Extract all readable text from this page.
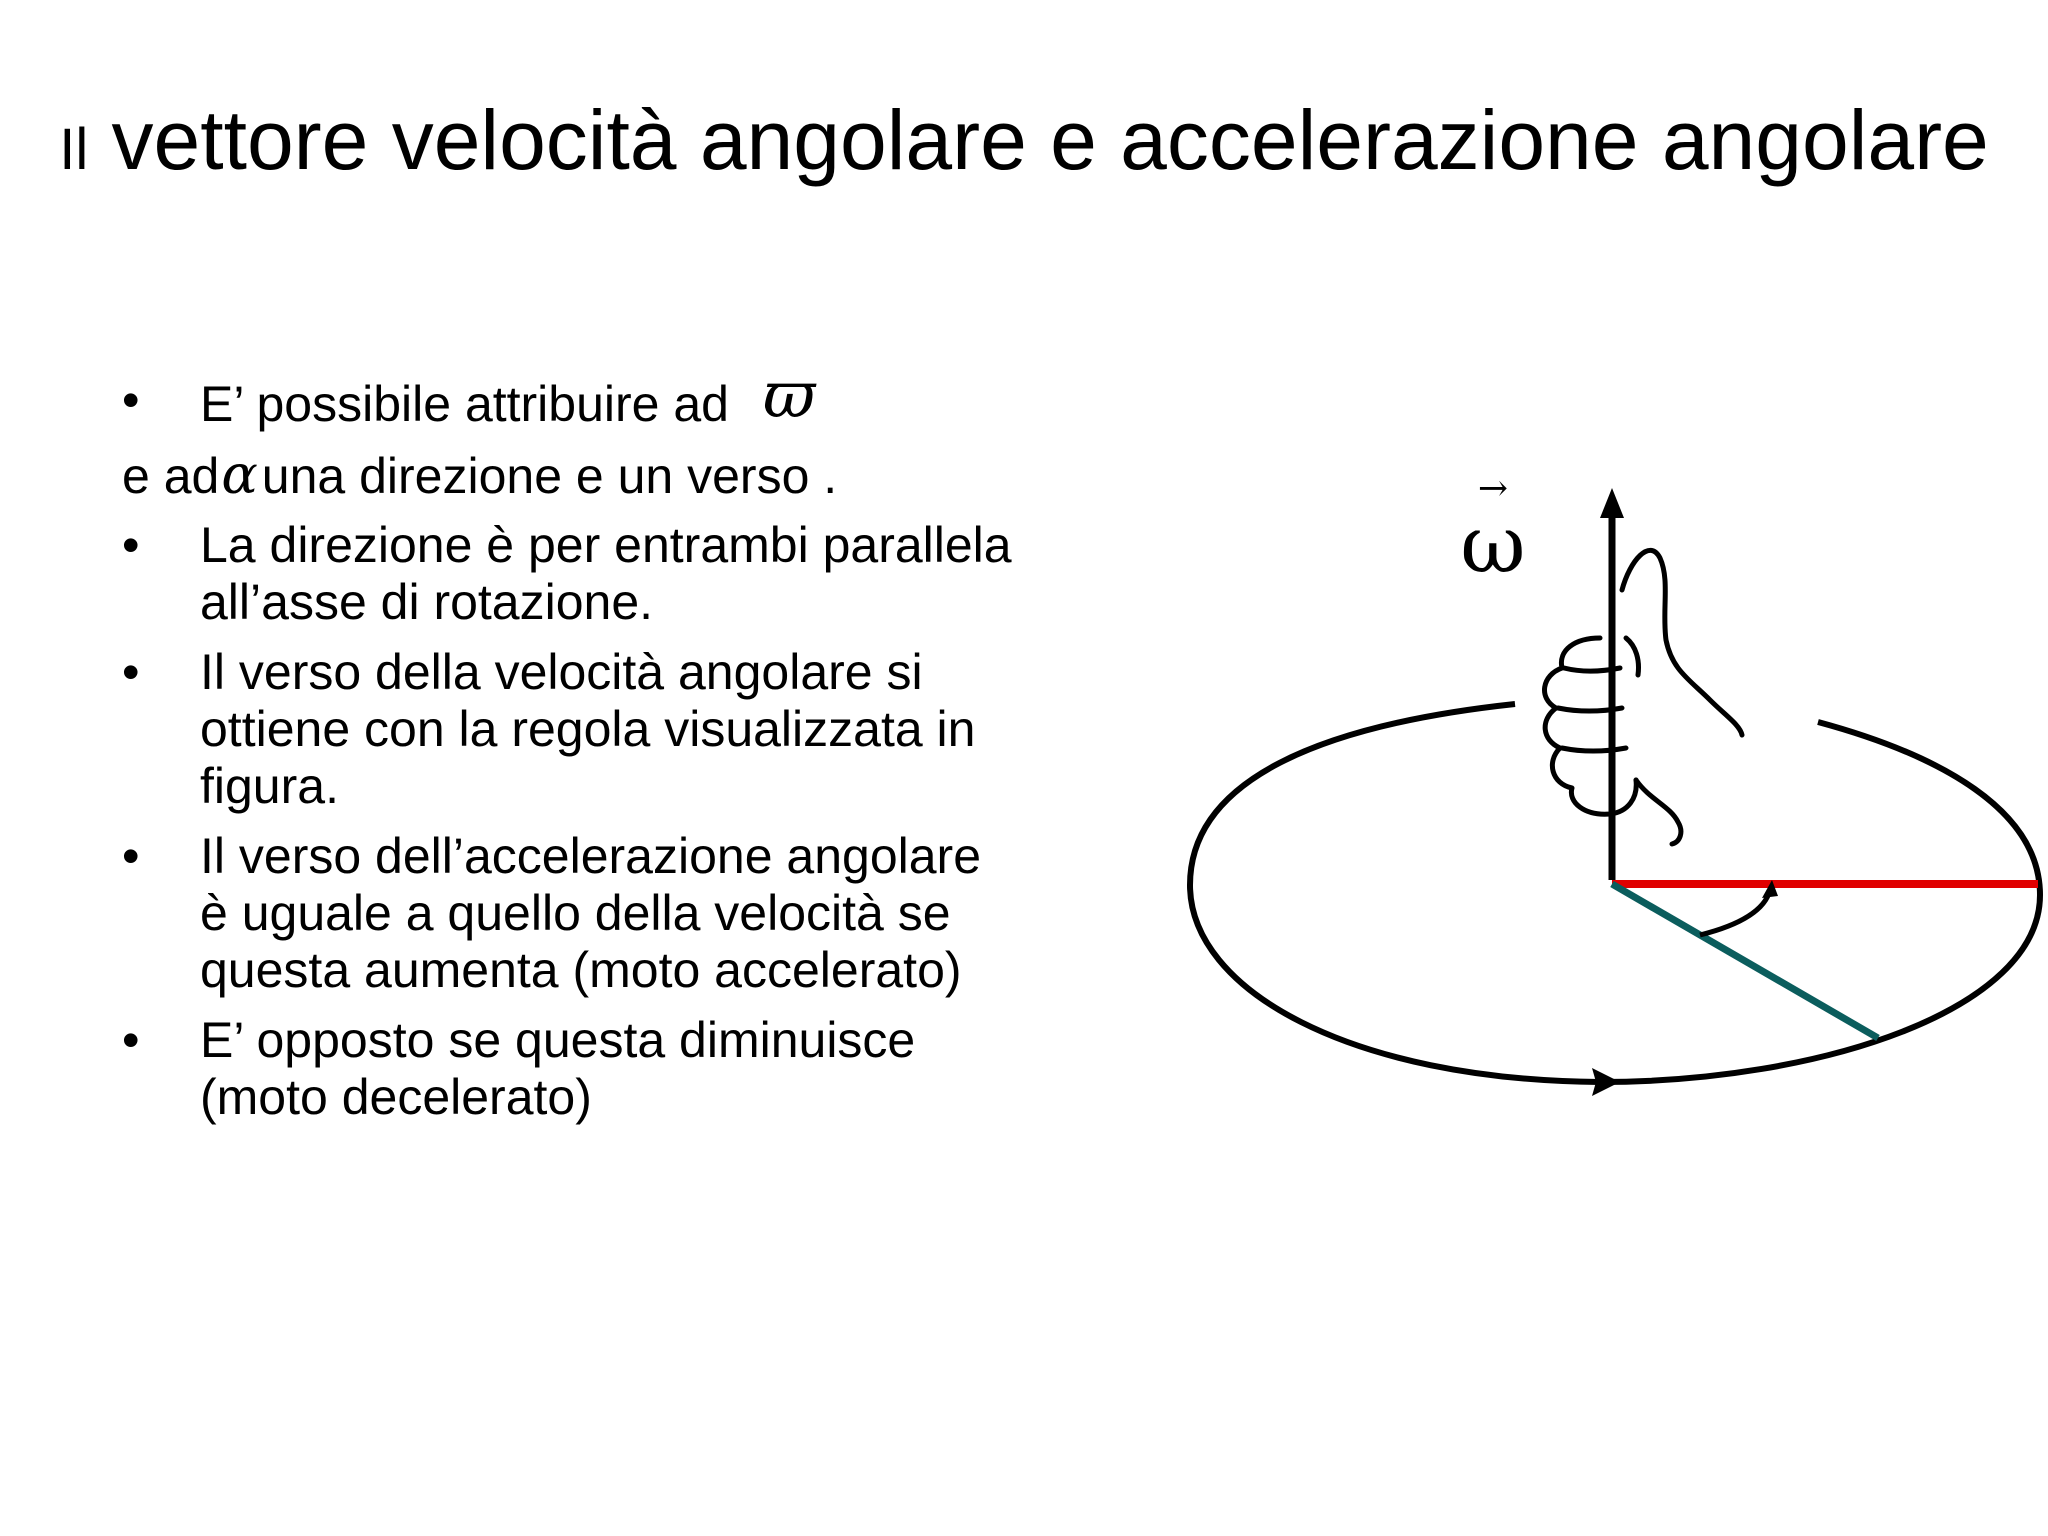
Il vettore velocità angolare e accelerazione angolare
• E’ possibile attribuire ad ϖ
e adαuna direzione e un verso .
• La direzione è per entrambi parallela all’asse di rotazione.
• Il verso della velocità angolare si ottiene con la regola visualizzata in figura.
• Il verso dell’accelerazione angolare è uguale a quello della velocità se questa aumenta (moto accelerato)
• E’ opposto se questa diminuisce (moto decelerato)
→
ω
